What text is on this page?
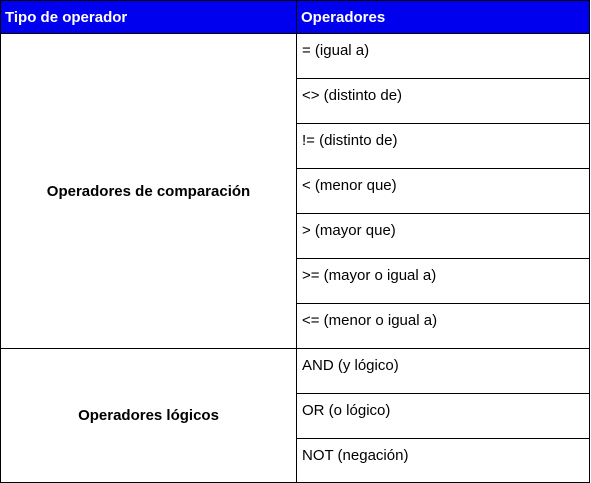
Tipo de operador	Operadores
Operadores de comparación	= (igual a)
	<> (distinto de)
	!= (distinto de)
	< (menor que)
	> (mayor que)
	>= (mayor o igual a)
	<= (menor o igual a)
Operadores lógicos	AND (y lógico)
	OR (o lógico)
	NOT (negación)
